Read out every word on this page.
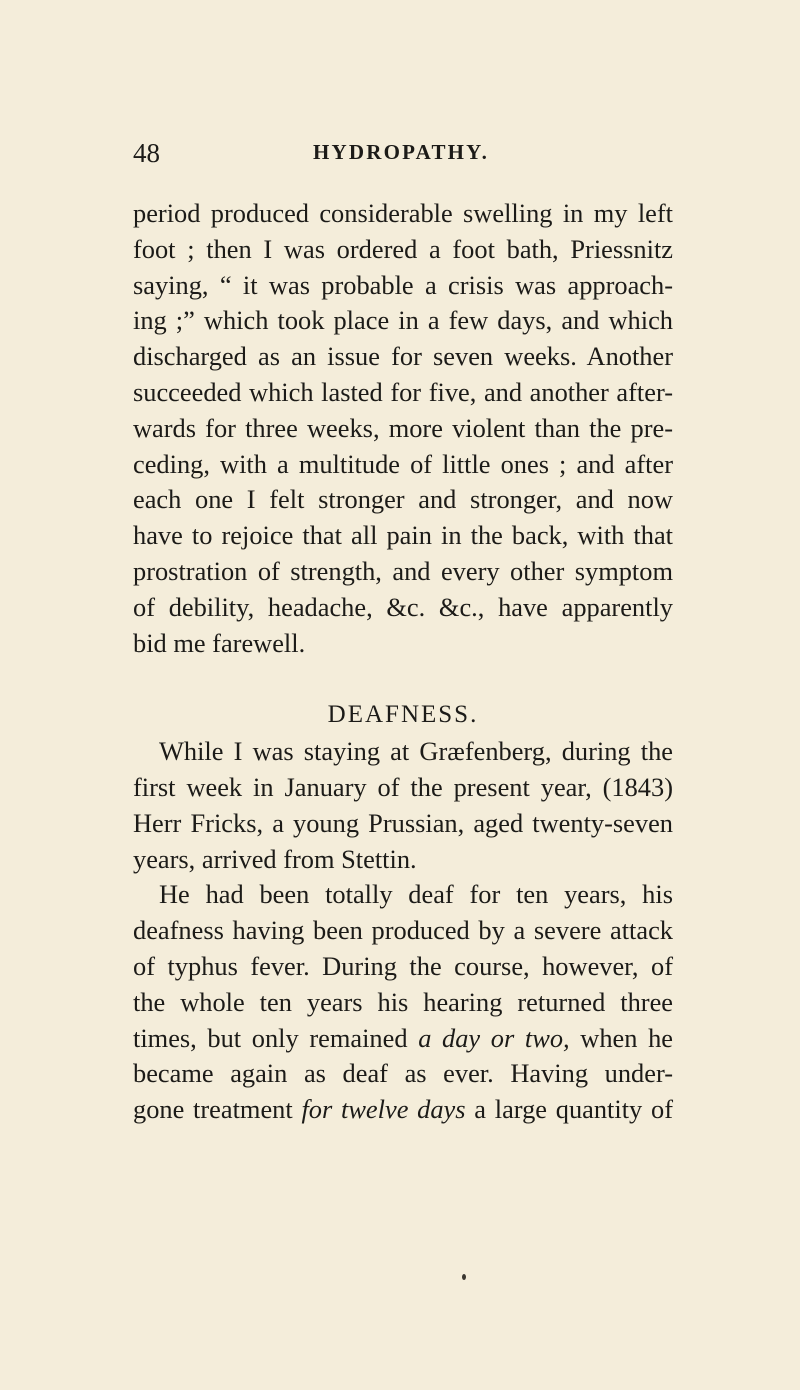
48	HYDROPATHY.
period produced considerable swelling in my left
foot ; then I was ordered a foot bath, Priessnitz
saying, “ it was probable a crisis was approach-
ing ;” which took place in a few days, and which
discharged as an issue for seven weeks. Another
succeeded which lasted for five, and another after-
wards for three weeks, more violent than the pre-
ceding, with a multitude of little ones ; and after
each one I felt stronger and stronger, and now
have to rejoice that all pain in the back, with that
prostration of strength, and every other symptom
of debility, headache, &c. &c., have apparently
bid me farewell.
DEAFNESS.
While I was staying at Græfenberg, during the
first week in January of the present year, (1843)
Herr Fricks, a young Prussian, aged twenty-seven
years, arrived from Stettin.
He had been totally deaf for ten years, his
deafness having been produced by a severe attack
of typhus fever. During the course, however, of
the whole ten years his hearing returned three
times, but only remained a day or two, when he
became again as deaf as ever. Having under-
gone treatment for twelve days a large quantity of
